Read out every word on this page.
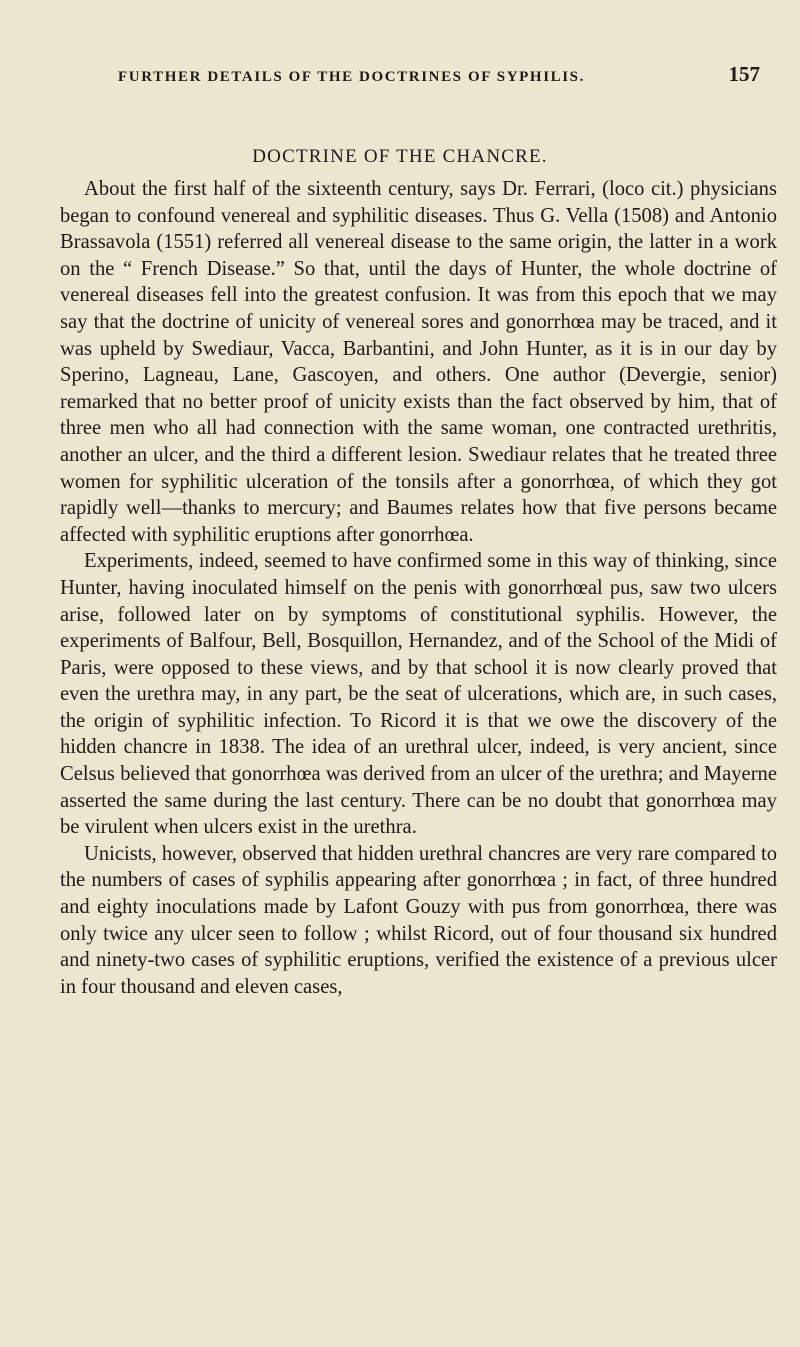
FURTHER DETAILS OF THE DOCTRINES OF SYPHILIS.	157
DOCTRINE OF THE CHANCRE.

About the first half of the sixteenth century, says Dr. Ferrari, (loco cit.) physicians began to confound venereal and syphilitic diseases. Thus G. Vella (1508) and Antonio Brassavola (1551) referred all venereal disease to the same origin, the latter in a work on the “ French Disease.” So that, until the days of Hunter, the whole doctrine of venereal diseases fell into the greatest confusion. It was from this epoch that we may say that the doctrine of unicity of venereal sores and gonorrhœa may be traced, and it was upheld by Swediaur, Vacca, Barbantini, and John Hunter, as it is in our day by Sperino, Lagneau, Lane, Gascoyen, and others. One author (Devergie, senior) remarked that no better proof of unicity exists than the fact observed by him, that of three men who all had connection with the same woman, one contracted urethritis, another an ulcer, and the third a different lesion. Swediaur relates that he treated three women for syphilitic ulceration of the tonsils after a gonorrhœa, of which they got rapidly well—thanks to mercury; and Baumes relates how that five persons became affected with syphilitic eruptions after gonorrhœa.

Experiments, indeed, seemed to have confirmed some in this way of thinking, since Hunter, having inoculated himself on the penis with gonorrhœal pus, saw two ulcers arise, followed later on by symptoms of constitutional syphilis. However, the experiments of Balfour, Bell, Bosquillon, Hernandez, and of the School of the Midi of Paris, were opposed to these views, and by that school it is now clearly proved that even the urethra may, in any part, be the seat of ulcerations, which are, in such cases, the origin of syphilitic infection. To Ricord it is that we owe the discovery of the hidden chancre in 1838. The idea of an urethral ulcer, indeed, is very ancient, since Celsus believed that gonorrhœa was derived from an ulcer of the urethra; and Mayerne asserted the same during the last century. There can be no doubt that gonorrhœa may be virulent when ulcers exist in the urethra.

Unicists, however, observed that hidden urethral chancres are very rare compared to the numbers of cases of syphilis appearing after gonorrhœa ; in fact, of three hundred and eighty inoculations made by Lafont Gouzy with pus from gonorrhœa, there was only twice any ulcer seen to follow ; whilst Ricord, out of four thousand six hundred and ninety-two cases of syphilitic eruptions, verified the existence of a previous ulcer in four thousand and eleven cases,
